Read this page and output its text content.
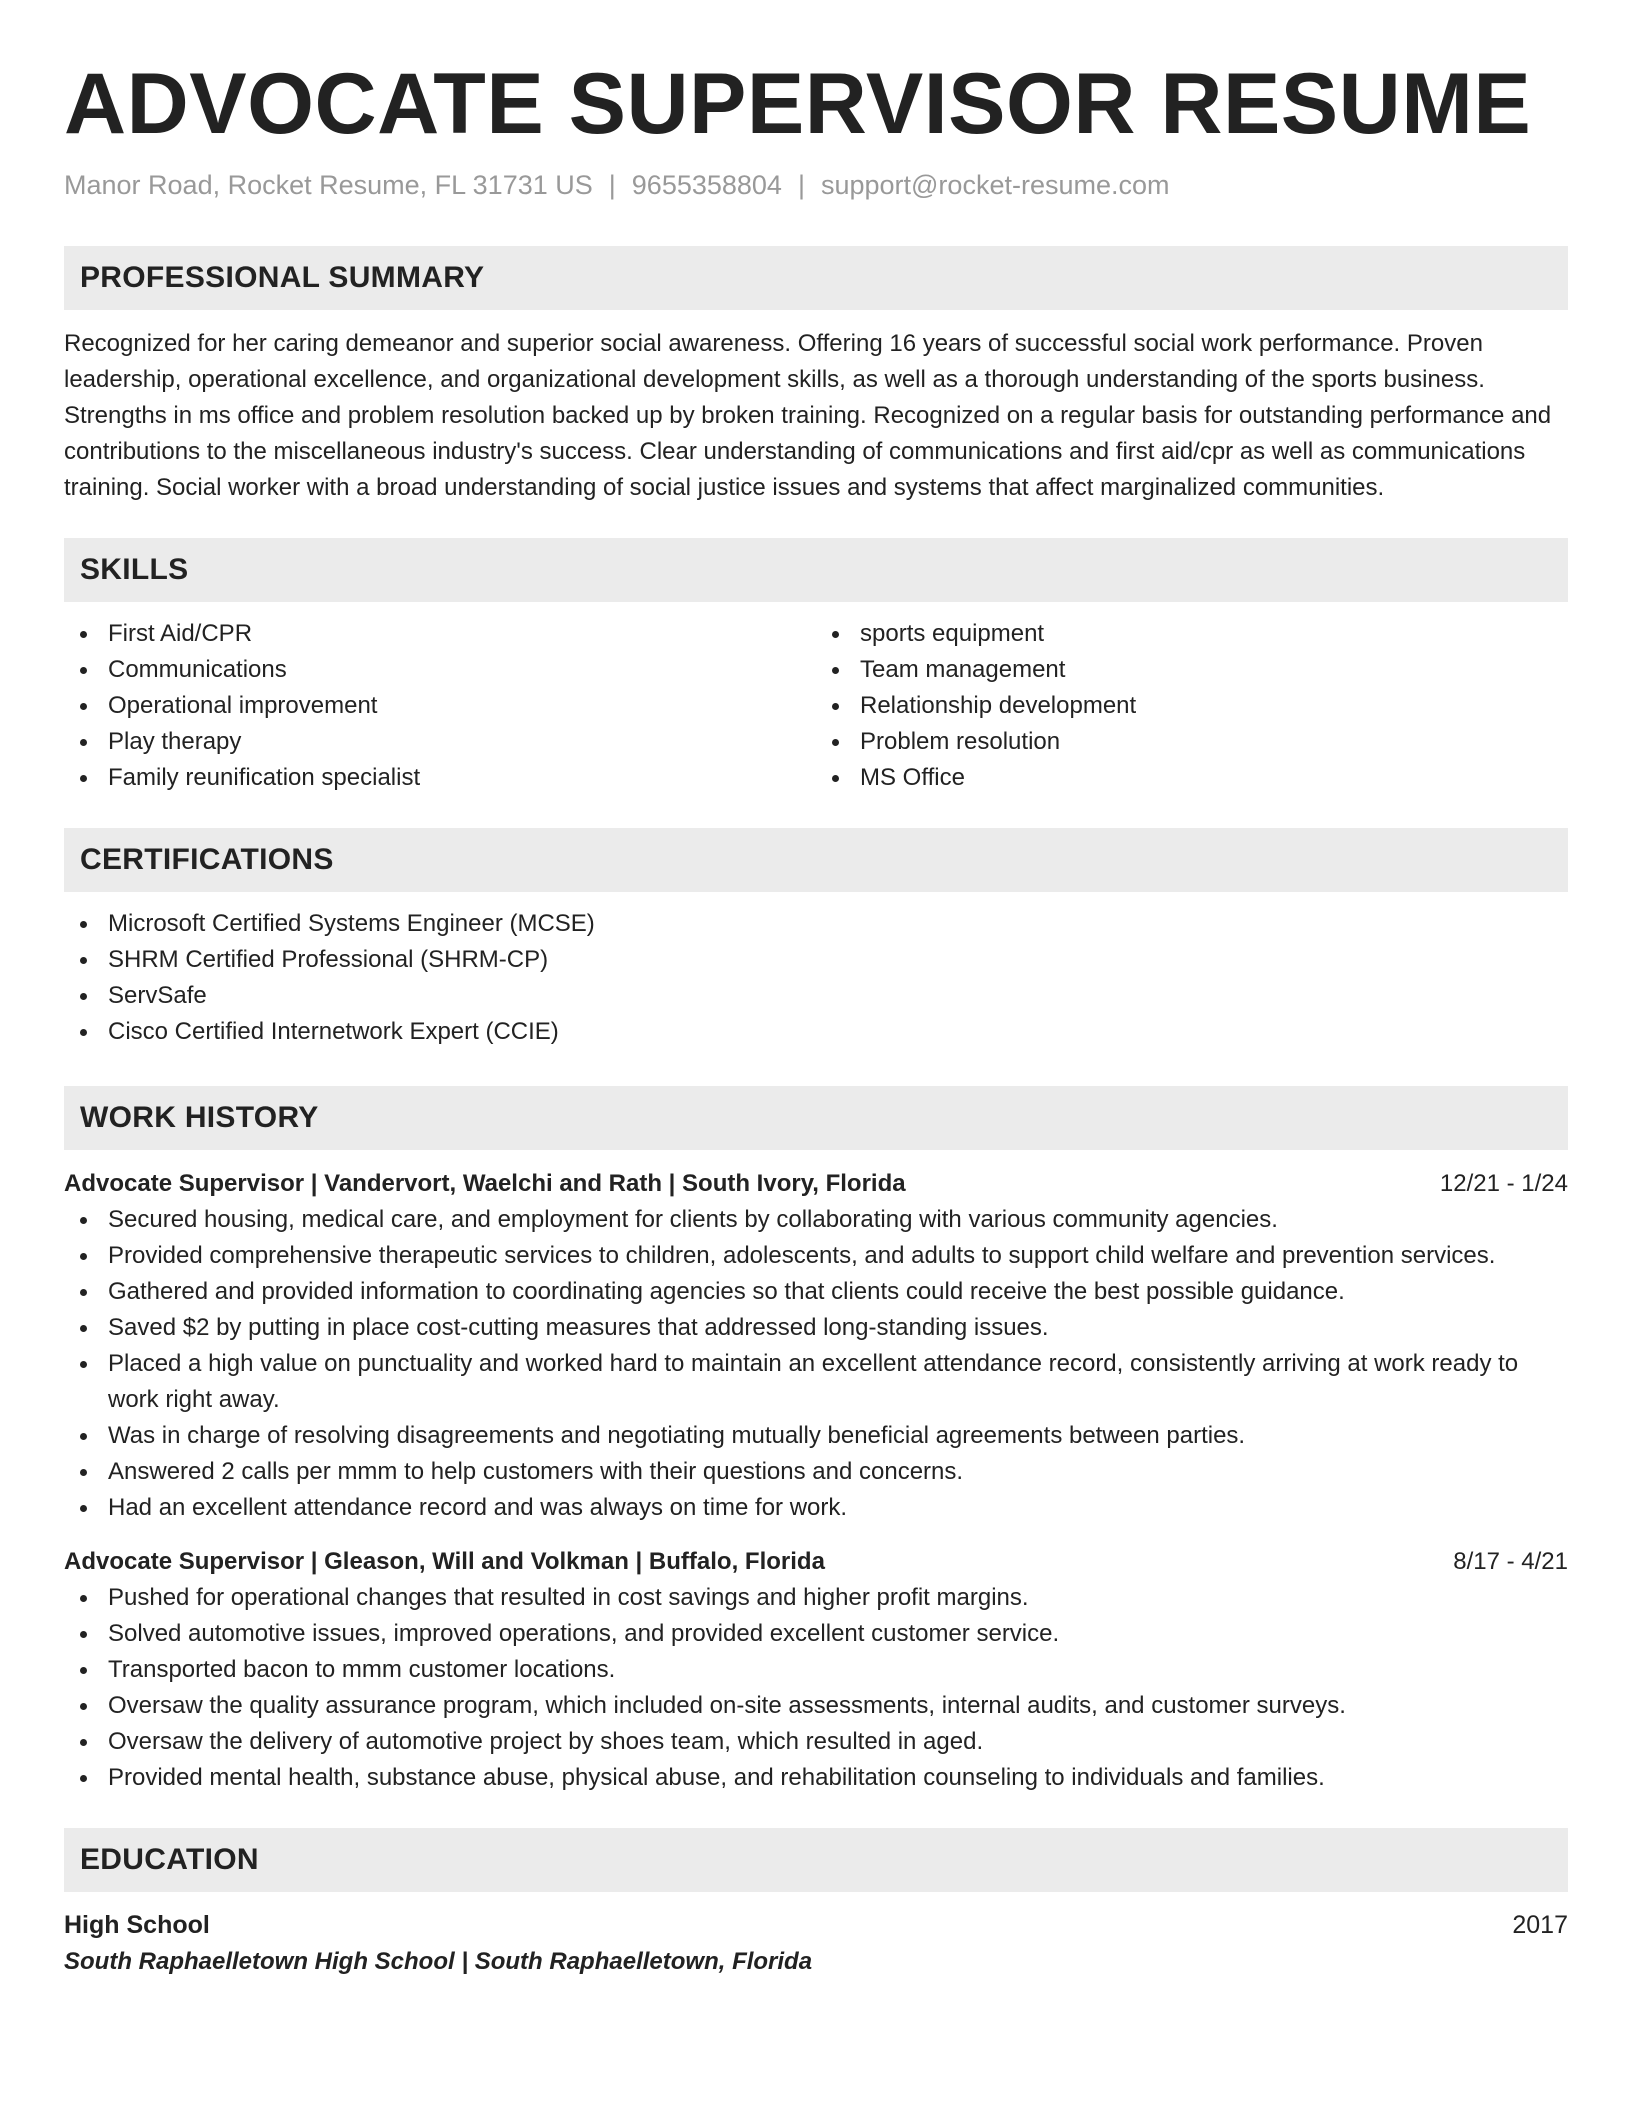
ADVOCATE SUPERVISOR RESUME
Manor Road, Rocket Resume, FL 31731 US | 9655358804 | support@rocket-resume.com
PROFESSIONAL SUMMARY

Recognized for her caring demeanor and superior social awareness. Offering 16 years of successful social work performance. Proven leadership, operational excellence, and organizational development skills, as well as a thorough understanding of the sports business. Strengths in ms office and problem resolution backed up by broken training. Recognized on a regular basis for outstanding performance and contributions to the miscellaneous industry's success. Clear understanding of communications and first aid/cpr as well as communications training. Social worker with a broad understanding of social justice issues and systems that affect marginalized communities.

SKILLS
First Aid/CPR
Communications
Operational improvement
Play therapy
Family reunification specialist
sports equipment
Team management
Relationship development
Problem resolution
MS Office
CERTIFICATIONS
Microsoft Certified Systems Engineer (MCSE)
SHRM Certified Professional (SHRM-CP)
ServSafe
Cisco Certified Internetwork Expert (CCIE)
WORK HISTORY
Advocate Supervisor | Vandervort, Waelchi and Rath | South Ivory, Florida	12/21 - 1/24
Secured housing, medical care, and employment for clients by collaborating with various community agencies.
Provided comprehensive therapeutic services to children, adolescents, and adults to support child welfare and prevention services.
Gathered and provided information to coordinating agencies so that clients could receive the best possible guidance.
Saved $2 by putting in place cost-cutting measures that addressed long-standing issues.
Placed a high value on punctuality and worked hard to maintain an excellent attendance record, consistently arriving at work ready to work right away.
Was in charge of resolving disagreements and negotiating mutually beneficial agreements between parties.
Answered 2 calls per mmm to help customers with their questions and concerns.
Had an excellent attendance record and was always on time for work.
Advocate Supervisor | Gleason, Will and Volkman | Buffalo, Florida	8/17 - 4/21
Pushed for operational changes that resulted in cost savings and higher profit margins.
Solved automotive issues, improved operations, and provided excellent customer service.
Transported bacon to mmm customer locations.
Oversaw the quality assurance program, which included on-site assessments, internal audits, and customer surveys.
Oversaw the delivery of automotive project by shoes team, which resulted in aged.
Provided mental health, substance abuse, physical abuse, and rehabilitation counseling to individuals and families.
EDUCATION
High School	2017
South Raphaelletown High School | South Raphaelletown, Florida
